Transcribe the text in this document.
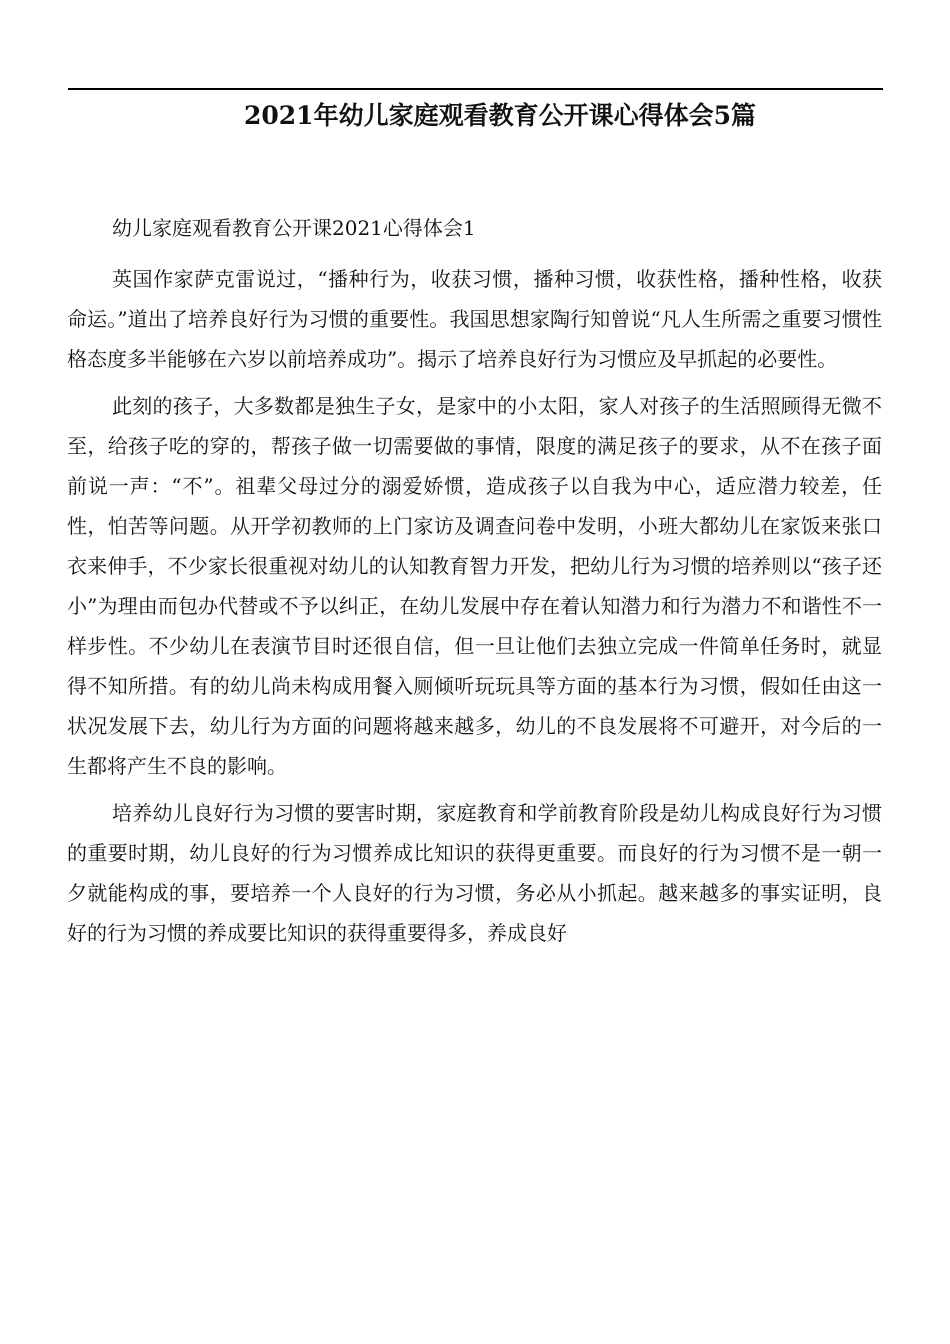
2021年幼儿家庭观看教育公开课心得体会5篇
幼儿家庭观看教育公开课2021心得体会1

英国作家萨克雷说过，“播种行为，收获习惯，播种习惯，收获性格，播种性格，收获命运。”道出了培养良好行为习惯的重要性。我国思想家陶行知曾说“凡人生所需之重要习惯性格态度多半能够在六岁以前培养成功”。揭示了培养良好行为习惯应及早抓起的必要性。

此刻的孩子，大多数都是独生子女，是家中的小太阳，家人对孩子的生活照顾得无微不至，给孩子吃的穿的，帮孩子做一切需要做的事情，限度的满足孩子的要求，从不在孩子面前说一声：“不”。祖辈父母过分的溺爱娇惯，造成孩子以自我为中心，适应潜力较差，任性，怕苦等问题。从开学初教师的上门家访及调查问卷中发明，小班大都幼儿在家饭来张口衣来伸手，不少家长很重视对幼儿的认知教育智力开发，把幼儿行为习惯的培养则以“孩子还小”为理由而包办代替或不予以纠正，在幼儿发展中存在着认知潜力和行为潜力不和谐性不一样步性。不少幼儿在表演节目时还很自信，但一旦让他们去独立完成一件简单任务时，就显得不知所措。有的幼儿尚未构成用餐入厕倾听玩玩具等方面的基本行为习惯，假如任由这一状况发展下去，幼儿行为方面的问题将越来越多，幼儿的不良发展将不可避开，对今后的一生都将产生不良的影响。

培养幼儿良好行为习惯的要害时期，家庭教育和学前教育阶段是幼儿构成良好行为习惯的重要时期，幼儿良好的行为习惯养成比知识的获得更重要。而良好的行为习惯不是一朝一夕就能构成的事，要培养一个人良好的行为习惯，务必从小抓起。越来越多的事实证明，良好的行为习惯的养成要比知识的获得重要得多，养成良好
